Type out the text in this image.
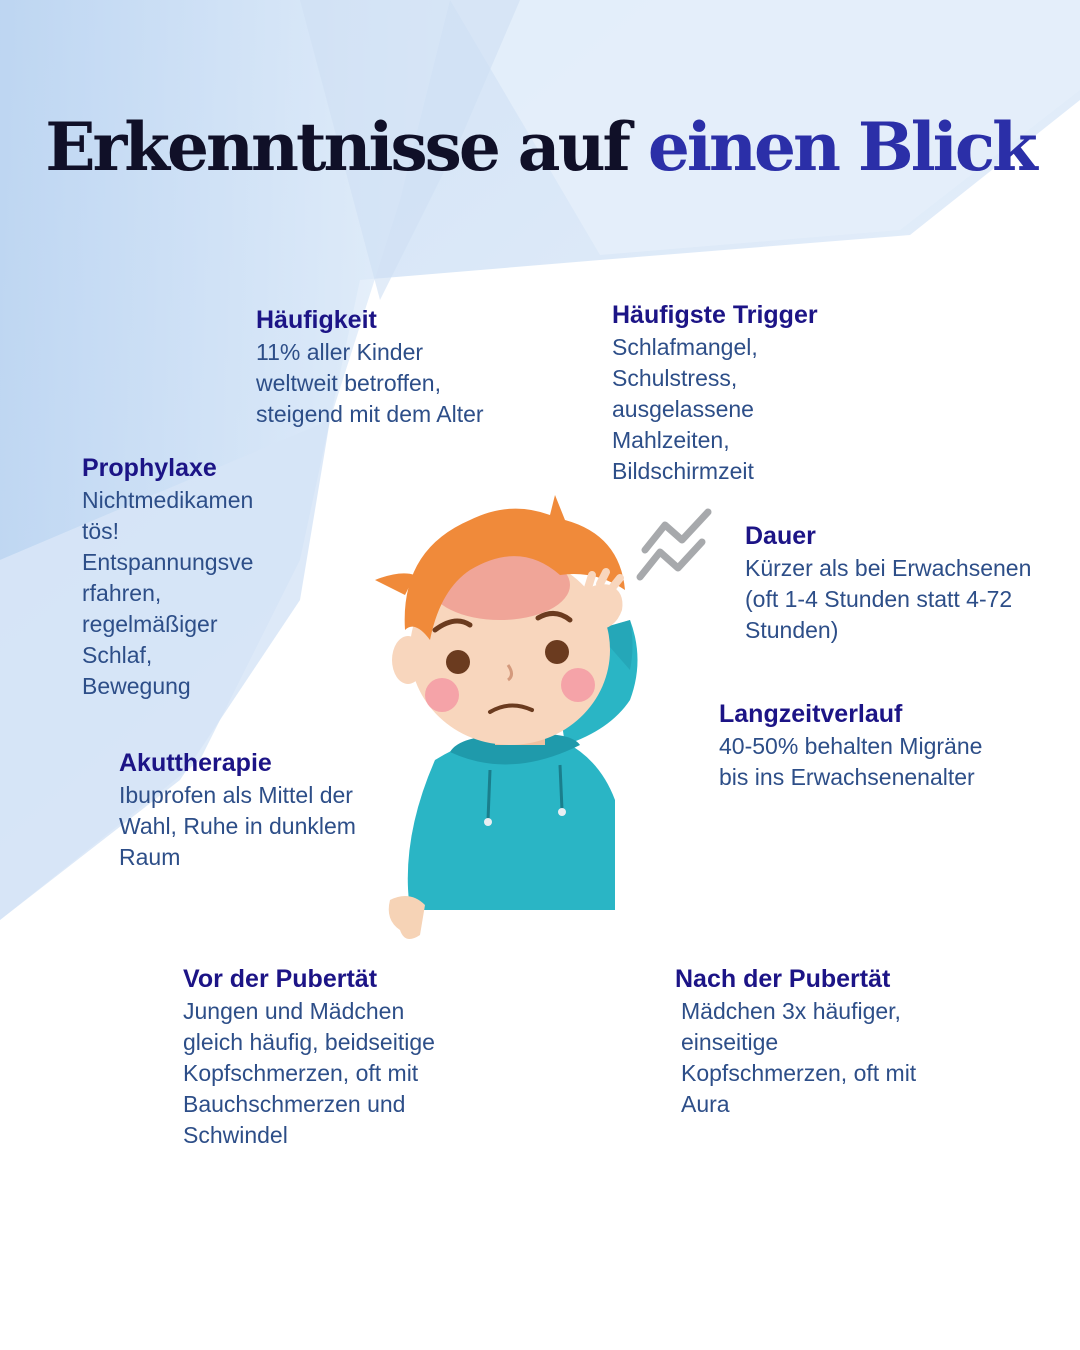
Erkenntnisse auf einen Blick
Häufigkeit
11% aller Kinder
weltweit betroffen,
steigend mit dem Alter
Häufigste Trigger
Schlafmangel,
Schulstress,
ausgelassene
Mahlzeiten,
Bildschirmzeit
Prophylaxe
Nichtmedikamen
tös!
Entspannungsve
rfahren,
regelmäßiger
Schlaf,
Bewegung
Dauer
Kürzer als bei Erwachsenen
(oft 1-4 Stunden statt 4-72
Stunden)
Langzeitverlauf
40-50% behalten Migräne
bis ins Erwachsenenalter
Akuttherapie
Ibuprofen als Mittel der
Wahl, Ruhe in dunklem
Raum
Vor der Pubertät
Jungen und Mädchen
gleich häufig, beidseitige
Kopfschmerzen, oft mit
Bauchschmerzen und
Schwindel
Nach der Pubertät
Mädchen 3x häufiger,
einseitige
Kopfschmerzen, oft mit
Aura
